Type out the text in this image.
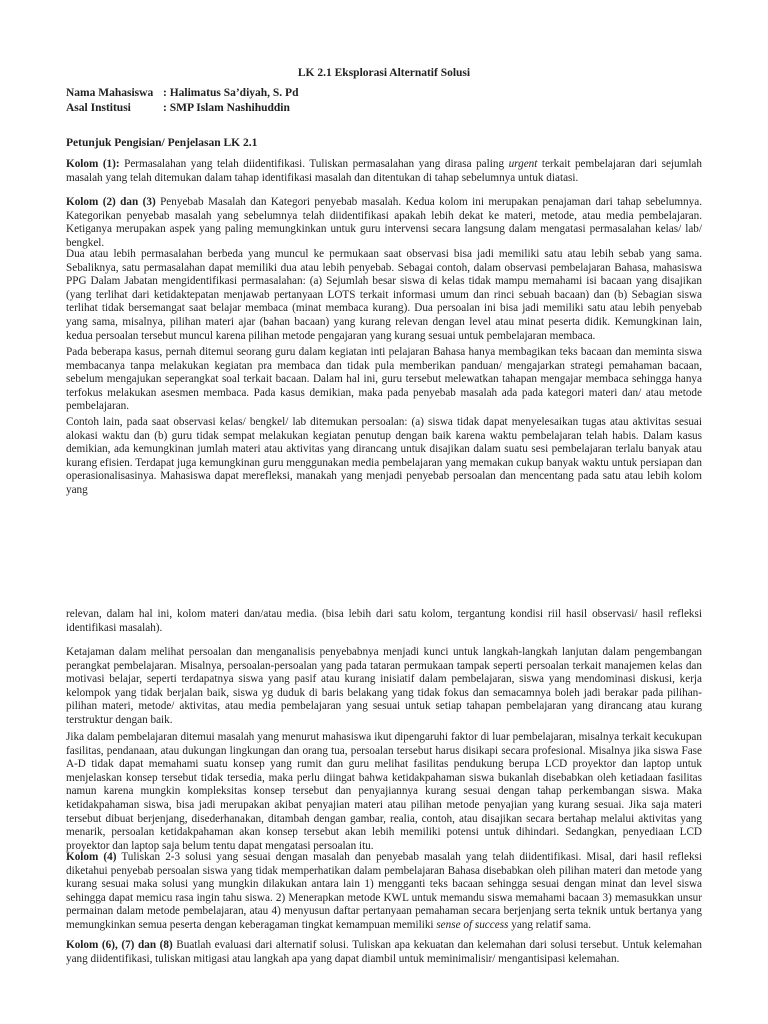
LK 2.1 Eksplorasi Alternatif Solusi
Nama Mahasiswa : Halimatus Sa’diyah, S. Pd
Asal Institusi	: SMP Islam Nashihuddin
Petunjuk Pengisian/ Penjelasan LK 2.1
Kolom (1): Permasalahan yang telah diidentifikasi. Tuliskan permasalahan yang dirasa paling urgent terkait pembelajaran dari sejumlah masalah yang telah ditemukan dalam tahap identifikasi masalah dan ditentukan di tahap sebelumnya untuk diatasi.
Kolom (2) dan (3) Penyebab Masalah dan Kategori penyebab masalah. Kedua kolom ini merupakan penajaman dari tahap sebelumnya. Kategorikan penyebab masalah yang sebelumnya telah diidentifikasi apakah lebih dekat ke materi, metode, atau media pembelajaran. Ketiganya merupakan aspek yang paling memungkinkan untuk guru intervensi secara langsung dalam mengatasi permasalahan kelas/ lab/ bengkel.
Dua atau lebih permasalahan berbeda yang muncul ke permukaan saat observasi bisa jadi memiliki satu atau lebih sebab yang sama. Sebaliknya, satu permasalahan dapat memiliki dua atau lebih penyebab. Sebagai contoh, dalam observasi pembelajaran Bahasa, mahasiswa PPG Dalam Jabatan mengidentifikasi permasalahan: (a) Sejumlah besar siswa di kelas tidak mampu memahami isi bacaan yang disajikan (yang terlihat dari ketidaktepatan menjawab pertanyaan LOTS terkait informasi umum dan rinci sebuah bacaan) dan (b) Sebagian siswa terlihat tidak bersemangat saat belajar membaca (minat membaca kurang). Dua persoalan ini bisa jadi memiliki satu atau lebih penyebab yang sama, misalnya, pilihan materi ajar (bahan bacaan) yang kurang relevan dengan level atau minat peserta didik. Kemungkinan lain, kedua persoalan tersebut muncul karena pilihan metode pengajaran yang kurang sesuai untuk pembelajaran membaca.
Pada beberapa kasus, pernah ditemui seorang guru dalam kegiatan inti pelajaran Bahasa hanya membagikan teks bacaan dan meminta siswa membacanya tanpa melakukan kegiatan pra membaca dan tidak pula memberikan panduan/ mengajarkan strategi pemahaman bacaan, sebelum mengajukan seperangkat soal terkait bacaan. Dalam hal ini, guru tersebut melewatkan tahapan mengajar membaca sehingga hanya terfokus melakukan asesmen membaca. Pada kasus demikian, maka pada penyebab masalah ada pada kategori materi dan/ atau metode pembelajaran.
Contoh lain, pada saat observasi kelas/ bengkel/ lab ditemukan persoalan: (a) siswa tidak dapat menyelesaikan tugas atau aktivitas sesuai alokasi waktu dan (b) guru tidak sempat melakukan kegiatan penutup dengan baik karena waktu pembelajaran telah habis. Dalam kasus demikian, ada kemungkinan jumlah materi atau aktivitas yang dirancang untuk disajikan dalam suatu sesi pembelajaran terlalu banyak atau kurang efisien. Terdapat juga kemungkinan guru menggunakan media pembelajaran yang memakan cukup banyak waktu untuk persiapan dan operasionalisasinya. Mahasiswa dapat merefleksi, manakah yang menjadi penyebab persoalan dan mencentang pada satu atau lebih kolom yang
relevan, dalam hal ini, kolom materi dan/atau media. (bisa lebih dari satu kolom, tergantung kondisi riil hasil observasi/ hasil refleksi identifikasi masalah).
Ketajaman dalam melihat persoalan dan menganalisis penyebabnya menjadi kunci untuk langkah-langkah lanjutan dalam pengembangan perangkat pembelajaran. Misalnya, persoalan-persoalan yang pada tataran permukaan tampak seperti persoalan terkait manajemen kelas dan motivasi belajar, seperti terdapatnya siswa yang pasif atau kurang inisiatif dalam pembelajaran, siswa yang mendominasi diskusi, kerja kelompok yang tidak berjalan baik, siswa yg duduk di baris belakang yang tidak fokus dan semacamnya boleh jadi berakar pada pilihan-pilihan materi, metode/ aktivitas, atau media pembelajaran yang sesuai untuk setiap tahapan pembelajaran yang dirancang atau kurang terstruktur dengan baik.
Jika dalam pembelajaran ditemui masalah yang menurut mahasiswa ikut dipengaruhi faktor di luar pembelajaran, misalnya terkait kecukupan fasilitas, pendanaan, atau dukungan lingkungan dan orang tua, persoalan tersebut harus disikapi secara profesional. Misalnya jika siswa Fase A-D tidak dapat memahami suatu konsep yang rumit dan guru melihat fasilitas pendukung berupa LCD proyektor dan laptop untuk menjelaskan konsep tersebut tidak tersedia, maka perlu diingat bahwa ketidakpahaman siswa bukanlah disebabkan oleh ketiadaan fasilitas namun karena mungkin kompleksitas konsep tersebut dan penyajiannya kurang sesuai dengan tahap perkembangan siswa. Maka ketidakpahaman siswa, bisa jadi merupakan akibat penyajian materi atau pilihan metode penyajian yang kurang sesuai. Jika saja materi tersebut dibuat berjenjang, disederhanakan, ditambah dengan gambar, realia, contoh, atau disajikan secara bertahap melalui aktivitas yang menarik, persoalan ketidakpahaman akan konsep tersebut akan lebih memiliki potensi untuk dihindari. Sedangkan, penyediaan LCD proyektor dan laptop saja belum tentu dapat mengatasi persoalan itu.
Kolom (4) Tuliskan 2-3 solusi yang sesuai dengan masalah dan penyebab masalah yang telah diidentifikasi. Misal, dari hasil refleksi diketahui penyebab persoalan siswa yang tidak memperhatikan dalam pembelajaran Bahasa disebabkan oleh pilihan materi dan metode yang kurang sesuai maka solusi yang mungkin dilakukan antara lain 1) mengganti teks bacaan sehingga sesuai dengan minat dan level siswa sehingga dapat memicu rasa ingin tahu siswa. 2) Menerapkan metode KWL untuk memandu siswa memahami bacaan 3) memasukkan unsur permainan dalam metode pembelajaran, atau 4) menyusun daftar pertanyaan pemahaman secara berjenjang serta teknik untuk bertanya yang memungkinkan semua peserta dengan keberagaman tingkat kemampuan memiliki sense of success yang relatif sama.
Kolom (6), (7) dan (8) Buatlah evaluasi dari alternatif solusi. Tuliskan apa kekuatan dan kelemahan dari solusi tersebut. Untuk kelemahan yang diidentifikasi, tuliskan mitigasi atau langkah apa yang dapat diambil untuk meminimalisir/ mengantisipasi kelemahan.
